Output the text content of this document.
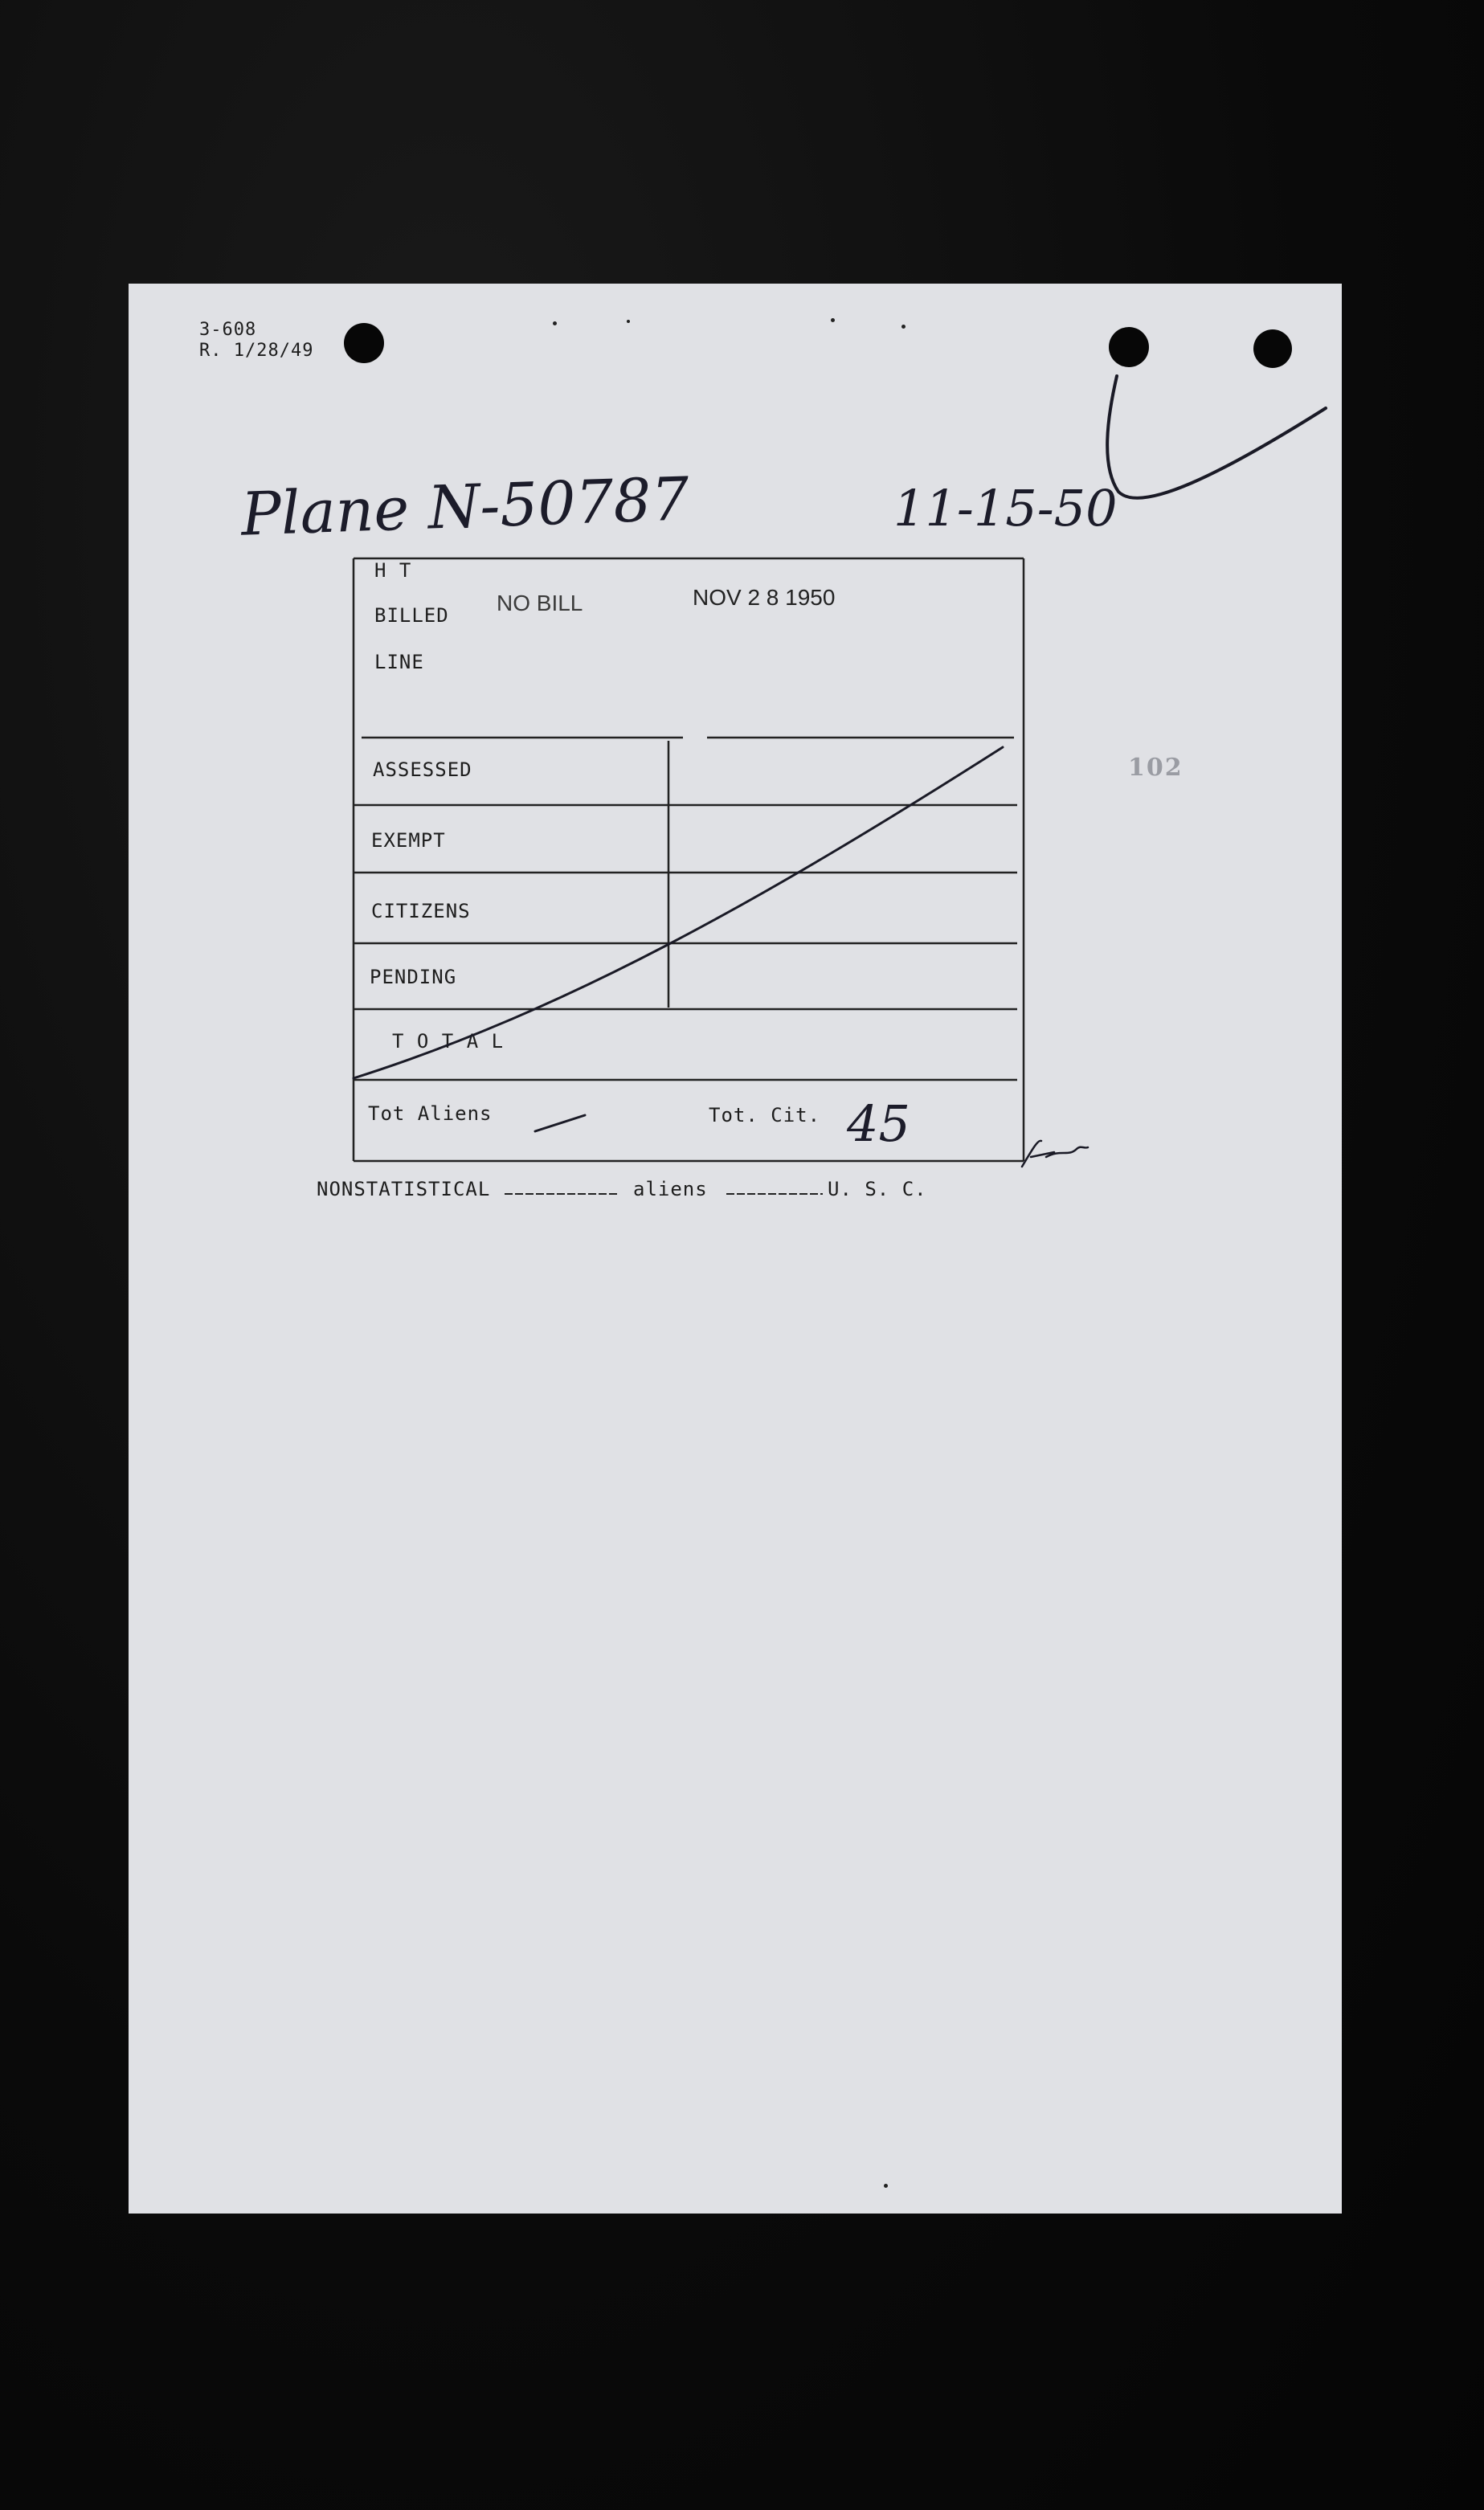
3-608
R. 1/28/49
Plane N-50787	11-15-50
102
H T
BILLED
LINE
NO BILL	NOV 2 8 1950
ASSESSED
EXEMPT
CITIZENS
PENDING
T O T A L
Tot Aliens	Tot. Cit. 45
NONSTATISTICAL	aliens	U. S. C.
